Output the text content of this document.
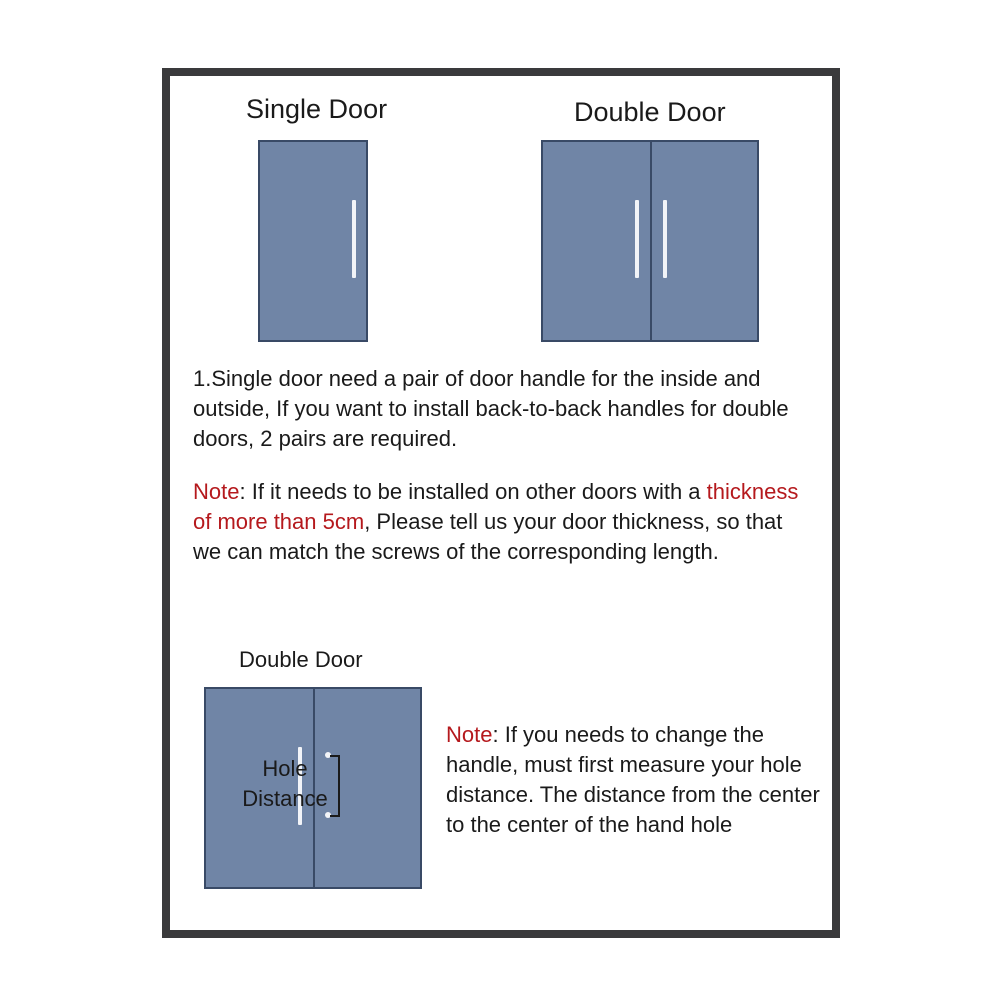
Single Door	Double Door
1.Single door need a pair of door handle for the inside and outside, If you want to install back-to-back handles for double doors, 2 pairs are required.
Note: If it needs to be installed on other doors with a thickness of more than 5cm, Please tell us your door thickness, so that we can match the screws of the corresponding length.
Double Door
Hole
Distance
Note: If you needs to change the handle, must first measure your hole distance. The distance from the center to the center of the hand hole
